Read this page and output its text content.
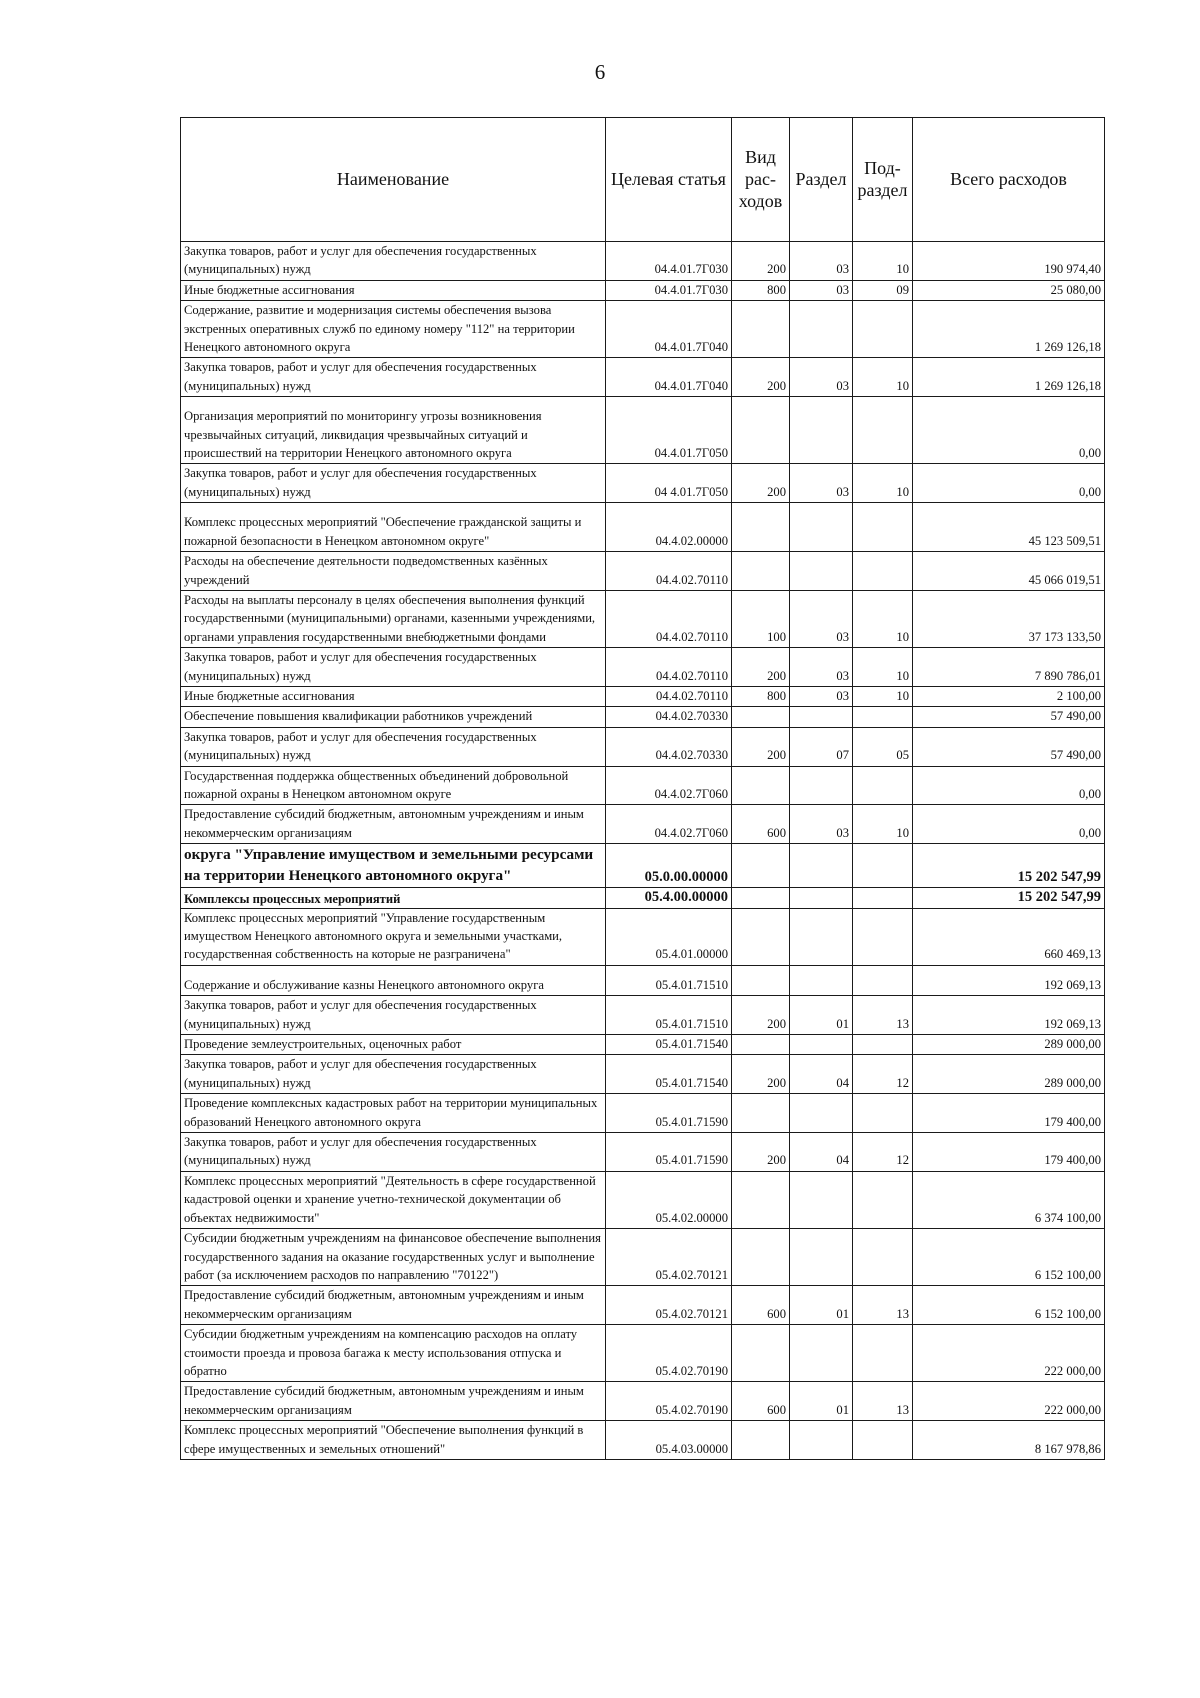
6
Наименование	Целевая статья	Вид рас- ходов	Раздел	Под- раздел	Всего расходов
Закупка товаров, работ и услуг для обеспечения государственных (муниципальных) нужд	04.4.01.7Г030	200	03	10	190 974,40
Иные бюджетные ассигнования	04.4.01.7Г030	800	03	09	25 080,00
Содержание, развитие и модернизация системы обеспечения вызова экстренных оперативных служб по единому номеру "112" на территории Ненецкого автономного округа	04.4.01.7Г040				1 269 126,18
Закупка товаров, работ и услуг для обеспечения государственных (муниципальных) нужд	04.4.01.7Г040	200	03	10	1 269 126,18
Организация мероприятий по мониторингу угрозы возникновения чрезвычайных ситуаций, ликвидация чрезвычайных ситуаций и происшествий на территории Ненецкого автономного округа	04.4.01.7Г050				0,00
Закупка товаров, работ и услуг для обеспечения государственных (муниципальных) нужд	04 4.01.7Г050	200	03	10	0,00
Комплекс процессных мероприятий "Обеспечение гражданской защиты и пожарной безопасности в Ненецком автономном округе"	04.4.02.00000				45 123 509,51
Расходы на обеспечение деятельности подведомственных казённых учреждений	04.4.02.70110				45 066 019,51
Расходы на выплаты персоналу в целях обеспечения выполнения функций государственными (муниципальными) органами, казенными учреждениями, органами управления государственными внебюджетными фондами	04.4.02.70110	100	03	10	37 173 133,50
Закупка товаров, работ и услуг для обеспечения государственных (муниципальных) нужд	04.4.02.70110	200	03	10	7 890 786,01
Иные бюджетные ассигнования	04.4.02.70110	800	03	10	2 100,00
Обеспечение повышения квалификации работников учреждений	04.4.02.70330				57 490,00
Закупка товаров, работ и услуг для обеспечения государственных (муниципальных) нужд	04.4.02.70330	200	07	05	57 490,00
Государственная поддержка общественных объединений добровольной пожарной охраны в Ненецком автономном округе	04.4.02.7Г060				0,00
Предоставление субсидий бюджетным, автономным учреждениям и иным некоммерческим организациям	04.4.02.7Г060	600	03	10	0,00
округа "Управление имуществом и земельными ресурсами на территории Ненецкого автономного округа"	05.0.00.00000				15 202 547,99
Комплексы процессных мероприятий	05.4.00.00000				15 202 547,99
Комплекс процессных мероприятий "Управление государственным имуществом Ненецкого автономного округа и земельными участками, государственная собственность на которые не разграничена"	05.4.01.00000				660 469,13
Содержание и обслуживание казны Ненецкого автономного округа	05.4.01.71510				192 069,13
Закупка товаров, работ и услуг для обеспечения государственных (муниципальных) нужд	05.4.01.71510	200	01	13	192 069,13
Проведение землеустроительных, оценочных работ	05.4.01.71540				289 000,00
Закупка товаров, работ и услуг для обеспечения государственных (муниципальных) нужд	05.4.01.71540	200	04	12	289 000,00
Проведение комплексных кадастровых работ на территории муниципальных образований Ненецкого автономного округа	05.4.01.71590				179 400,00
Закупка товаров, работ и услуг для обеспечения государственных (муниципальных) нужд	05.4.01.71590	200	04	12	179 400,00
Комплекс процессных мероприятий "Деятельность в сфере государственной кадастровой оценки и хранение учетно-технической документации об объектах недвижимости"	05.4.02.00000				6 374 100,00
Субсидии бюджетным учреждениям на финансовое обеспечение выполнения государственного задания на оказание государственных услуг и выполнение работ (за исключением расходов по направлению "70122")	05.4.02.70121				6 152 100,00
Предоставление субсидий бюджетным, автономным учреждениям и иным некоммерческим организациям	05.4.02.70121	600	01	13	6 152 100,00
Субсидии бюджетным учреждениям на компенсацию расходов на оплату стоимости проезда и провоза багажа к месту использования отпуска и обратно	05.4.02.70190				222 000,00
Предоставление субсидий бюджетным, автономным учреждениям и иным некоммерческим организациям	05.4.02.70190	600	01	13	222 000,00
Комплекс процессных мероприятий "Обеспечение выполнения функций в сфере имущественных и земельных отношений"	05.4.03.00000				8 167 978,86
